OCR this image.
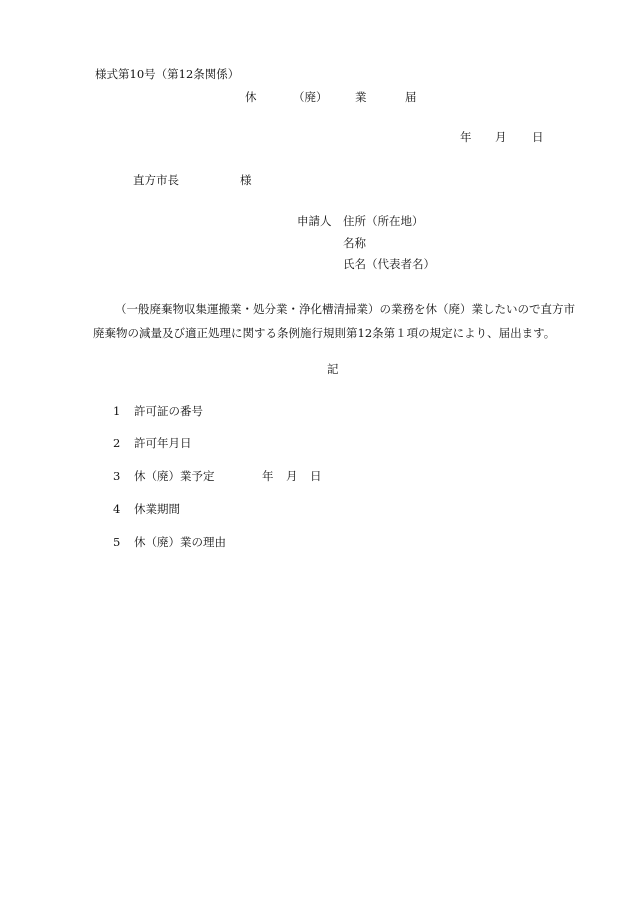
様式第10号（第12条関係）
休	（廃） 業	届
年 月 日
直方市長	様
申請人 住所（所在地）
名称
氏名（代表者名）
（一般廃棄物収集運搬業・処分業・浄化槽清掃業）の業務を休（廃）業したいので直方市廃棄物の減量及び適正処理に関する条例施行規則第12条第１項の規定により、届出ます。
記
1 許可証の番号
2 許可年月日
3 休（廃）業予定	年 月 日
4 休業期間
5 休（廃）業の理由
